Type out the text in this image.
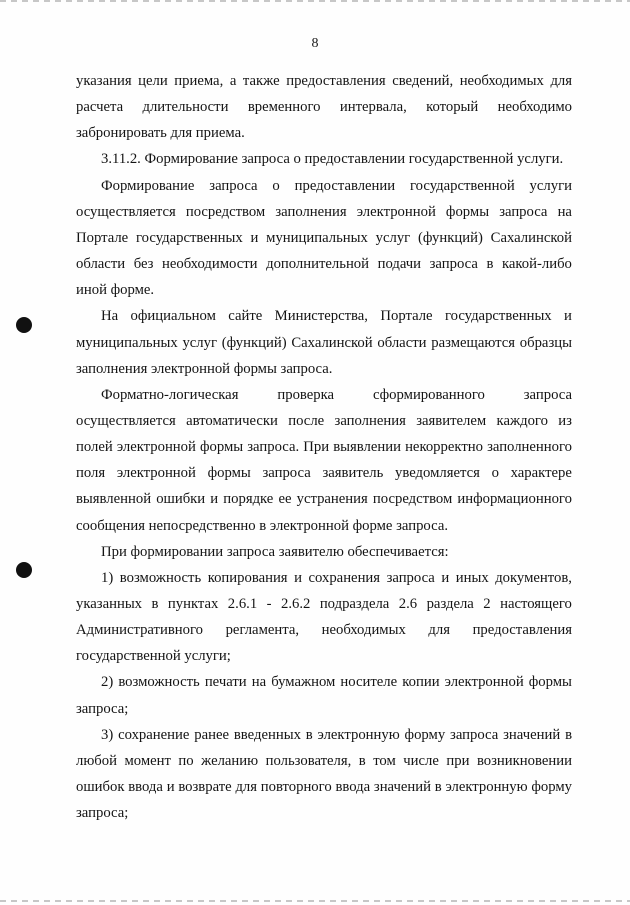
8
указания цели приема, а также предоставления сведений, необходимых для
расчета длительности временного интервала, который необходимо
забронировать для приема.
3.11.2. Формирование запроса о предоставлении государственной услуги.
Формирование запроса о предоставлении государственной услуги
осуществляется посредством заполнения электронной формы запроса на
Портале государственных и муниципальных услуг (функций) Сахалинской
области без необходимости дополнительной подачи запроса в какой-либо
иной форме.
На официальном сайте Министерства, Портале государственных и
муниципальных услуг (функций) Сахалинской области размещаются образцы
заполнения электронной формы запроса.
Форматно-логическая	проверка	сформированного	запроса
осуществляется автоматически после заполнения заявителем каждого из
полей электронной формы запроса. При выявлении некорректно заполненного
поля электронной формы запроса заявитель уведомляется о характере
выявленной ошибки и порядке ее устранения посредством информационного
сообщения непосредственно в электронной форме запроса.
При формировании запроса заявителю обеспечивается:
1) возможность копирования и сохранения запроса и иных документов,
указанных в пунктах 2.6.1 - 2.6.2 подраздела 2.6 раздела 2 настоящего
Административного регламента, необходимых для предоставления
государственной услуги;
2) возможность печати на бумажном носителе копии электронной формы
запроса;
3) сохранение ранее введенных в электронную форму запроса значений в
любой момент по желанию пользователя, в том числе при возникновении
ошибок ввода и возврате для повторного ввода значений в электронную форму
запроса;
